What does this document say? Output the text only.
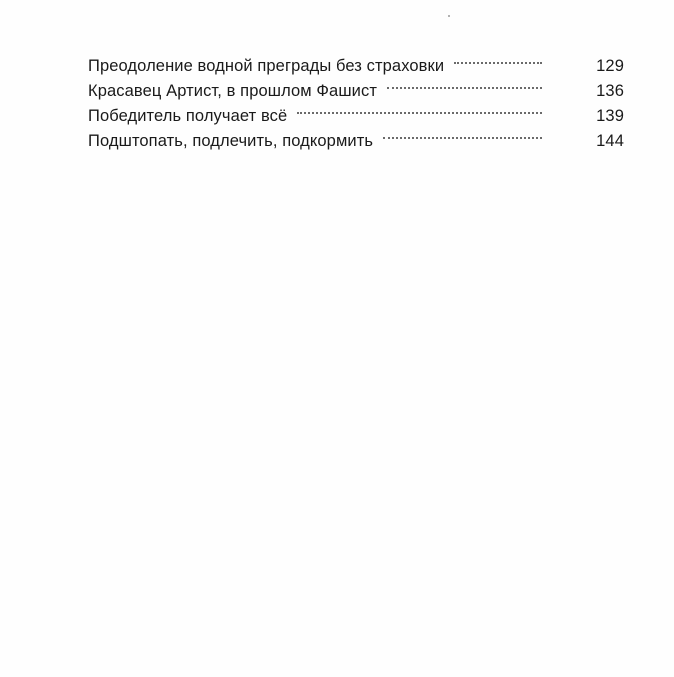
Преодоление водной преграды без страховки	129
Красавец Артист, в прошлом Фашист	136
Победитель получает всё	139
Подштопать, подлечить, подкормить	144
